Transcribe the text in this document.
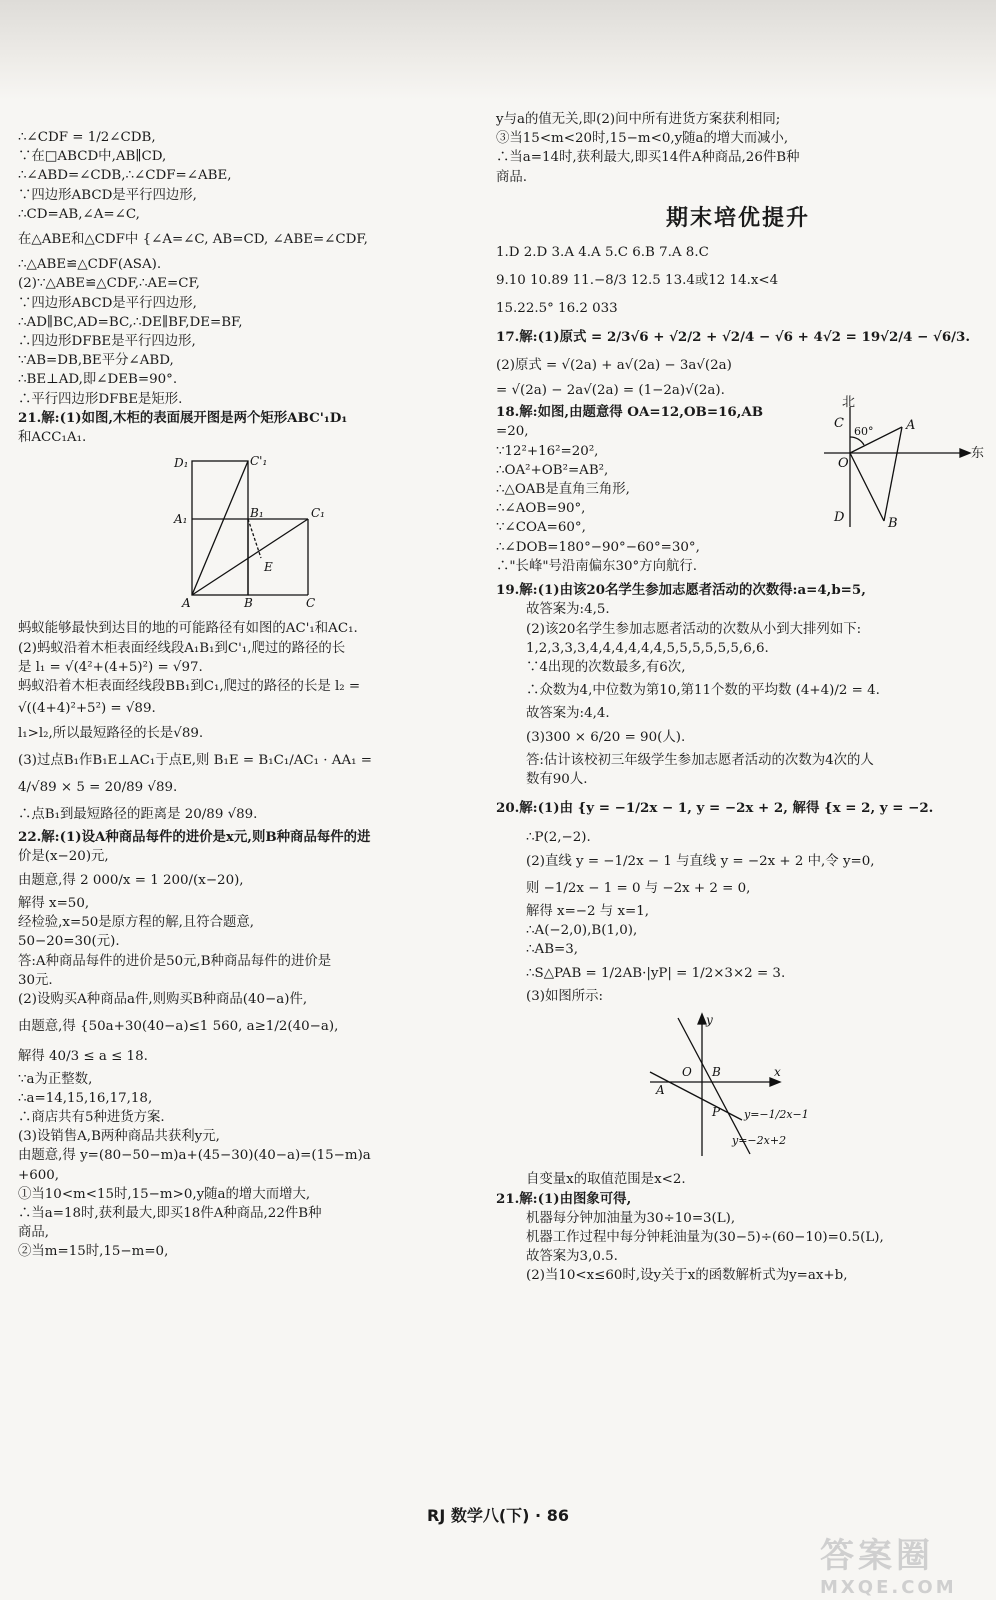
∴∠CDF = 1/2∠CDB,
∵在□ABCD中,AB∥CD,
∴∠ABD=∠CDB,∴∠CDF=∠ABE,
∵四边形ABCD是平行四边形,
∴CD=AB,∠A=∠C,
在△ABE和△CDF中 {∠A=∠C, AB=CD, ∠ABE=∠CDF,
∴△ABE≌△CDF(ASA).
(2)∵△ABE≌△CDF,∴AE=CF,
∵四边形ABCD是平行四边形,
∴AD∥BC,AD=BC,∴DE∥BF,DE=BF,
∴四边形DFBE是平行四边形,
∵AB=DB,BE平分∠ABD,
∴BE⊥AD,即∠DEB=90°.
∴平行四边形DFBE是矩形.
21.解:(1)如图,木柜的表面展开图是两个矩形ABC'₁D₁
和ACC₁A₁.
D₁	C'₁
A₁	B₁	C₁
E
A	B	C
蚂蚁能够最快到达目的地的可能路径有如图的AC'₁和AC₁.
(2)蚂蚁沿着木柜表面经线段A₁B₁到C'₁,爬过的路径的长
是 l₁ = √(4²+(4+5)²) = √97.
蚂蚁沿着木柜表面经线段BB₁到C₁,爬过的路径的长是 l₂ =
√((4+4)²+5²) = √89.
l₁>l₂,所以最短路径的长是√89.
(3)过点B₁作B₁E⊥AC₁于点E,则 B₁E = B₁C₁/AC₁ · AA₁ =
4/√89 × 5 = 20/89 √89.
∴点B₁到最短路径的距离是 20/89 √89.
22.解:(1)设A种商品每件的进价是x元,则B种商品每件的进
价是(x−20)元,
由题意,得 2 000/x = 1 200/(x−20),
解得 x=50,
经检验,x=50是原方程的解,且符合题意,
50−20=30(元).
答:A种商品每件的进价是50元,B种商品每件的进价是
30元.
(2)设购买A种商品a件,则购买B种商品(40−a)件,
由题意,得 {50a+30(40−a)≤1 560, a≥1/2(40−a),
解得 40/3 ≤ a ≤ 18.
∵a为正整数,
∴a=14,15,16,17,18,
∴商店共有5种进货方案.
(3)设销售A,B两种商品共获利y元,
由题意,得 y=(80−50−m)a+(45−30)(40−a)=(15−m)a
+600,
①当10<m<15时,15−m>0,y随a的增大而增大,
∴当a=18时,获利最大,即买18件A种商品,22件B种
商品,
②当m=15时,15−m=0,
y与a的值无关,即(2)问中所有进货方案获利相同;
③当15<m<20时,15−m<0,y随a的增大而减小,
∴当a=14时,获利最大,即买14件A种商品,26件B种
商品.
期末培优提升
1.D 2.D 3.A 4.A 5.C 6.B 7.A 8.C
9.10 10.89 11.−8/3 12.5 13.4或12 14.x<4
15.22.5° 16.2 033
17.解:(1)原式 = 2/3√6 + √2/2 + √2/4 − √6 + 4√2 = 19√2/4 − √6/3.
(2)原式 = √(2a) + a√(2a) − 3a√(2a)
= √(2a) − 2a√(2a) = (1−2a)√(2a).
18.解:如图,由题意得 OA=12,OB=16,AB
=20,
∵12²+16²=20²,
∴OA²+OB²=AB²,
∴△OAB是直角三角形,
∴∠AOB=90°,
∵∠COA=60°,
∴∠DOB=180°−90°−60°=30°,
∴"长峰"号沿南偏东30°方向航行.
北
东
C
60°	A
O
D	B
19.解:(1)由该20名学生参加志愿者活动的次数得:a=4,b=5,
故答案为:4,5.
(2)该20名学生参加志愿者活动的次数从小到大排列如下:
1,2,3,3,3,4,4,4,4,4,4,5,5,5,5,5,5,6,6.
∵4出现的次数最多,有6次,
∴众数为4,中位数为第10,第11个数的平均数 (4+4)/2 = 4.
故答案为:4,4.
(3)300 × 6/20 = 90(人).
答:估计该校初三年级学生参加志愿者活动的次数为4次的人
数有90人.
20.解:(1)由 {y = −1/2x − 1, y = −2x + 2, 解得 {x = 2, y = −2.
∴P(2,−2).
(2)直线 y = −1/2x − 1 与直线 y = −2x + 2 中,令 y=0,
则 −1/2x − 1 = 0 与 −2x + 2 = 0,
解得 x=−2 与 x=1,
∴A(−2,0),B(1,0),
∴AB=3,
∴S△PAB = 1/2AB·|yP| = 1/2×3×2 = 3.
(3)如图所示:
y
x
O B
A
P y=−1/2x−1
y=−2x+2
自变量x的取值范围是x<2.
21.解:(1)由图象可得,
机器每分钟加油量为30÷10=3(L),
机器工作过程中每分钟耗油量为(30−5)÷(60−10)=0.5(L),
故答案为3,0.5.
(2)当10<x≤60时,设y关于x的函数解析式为y=ax+b,
RJ 数学八(下) · 86
答案圈
MXQE.COM
